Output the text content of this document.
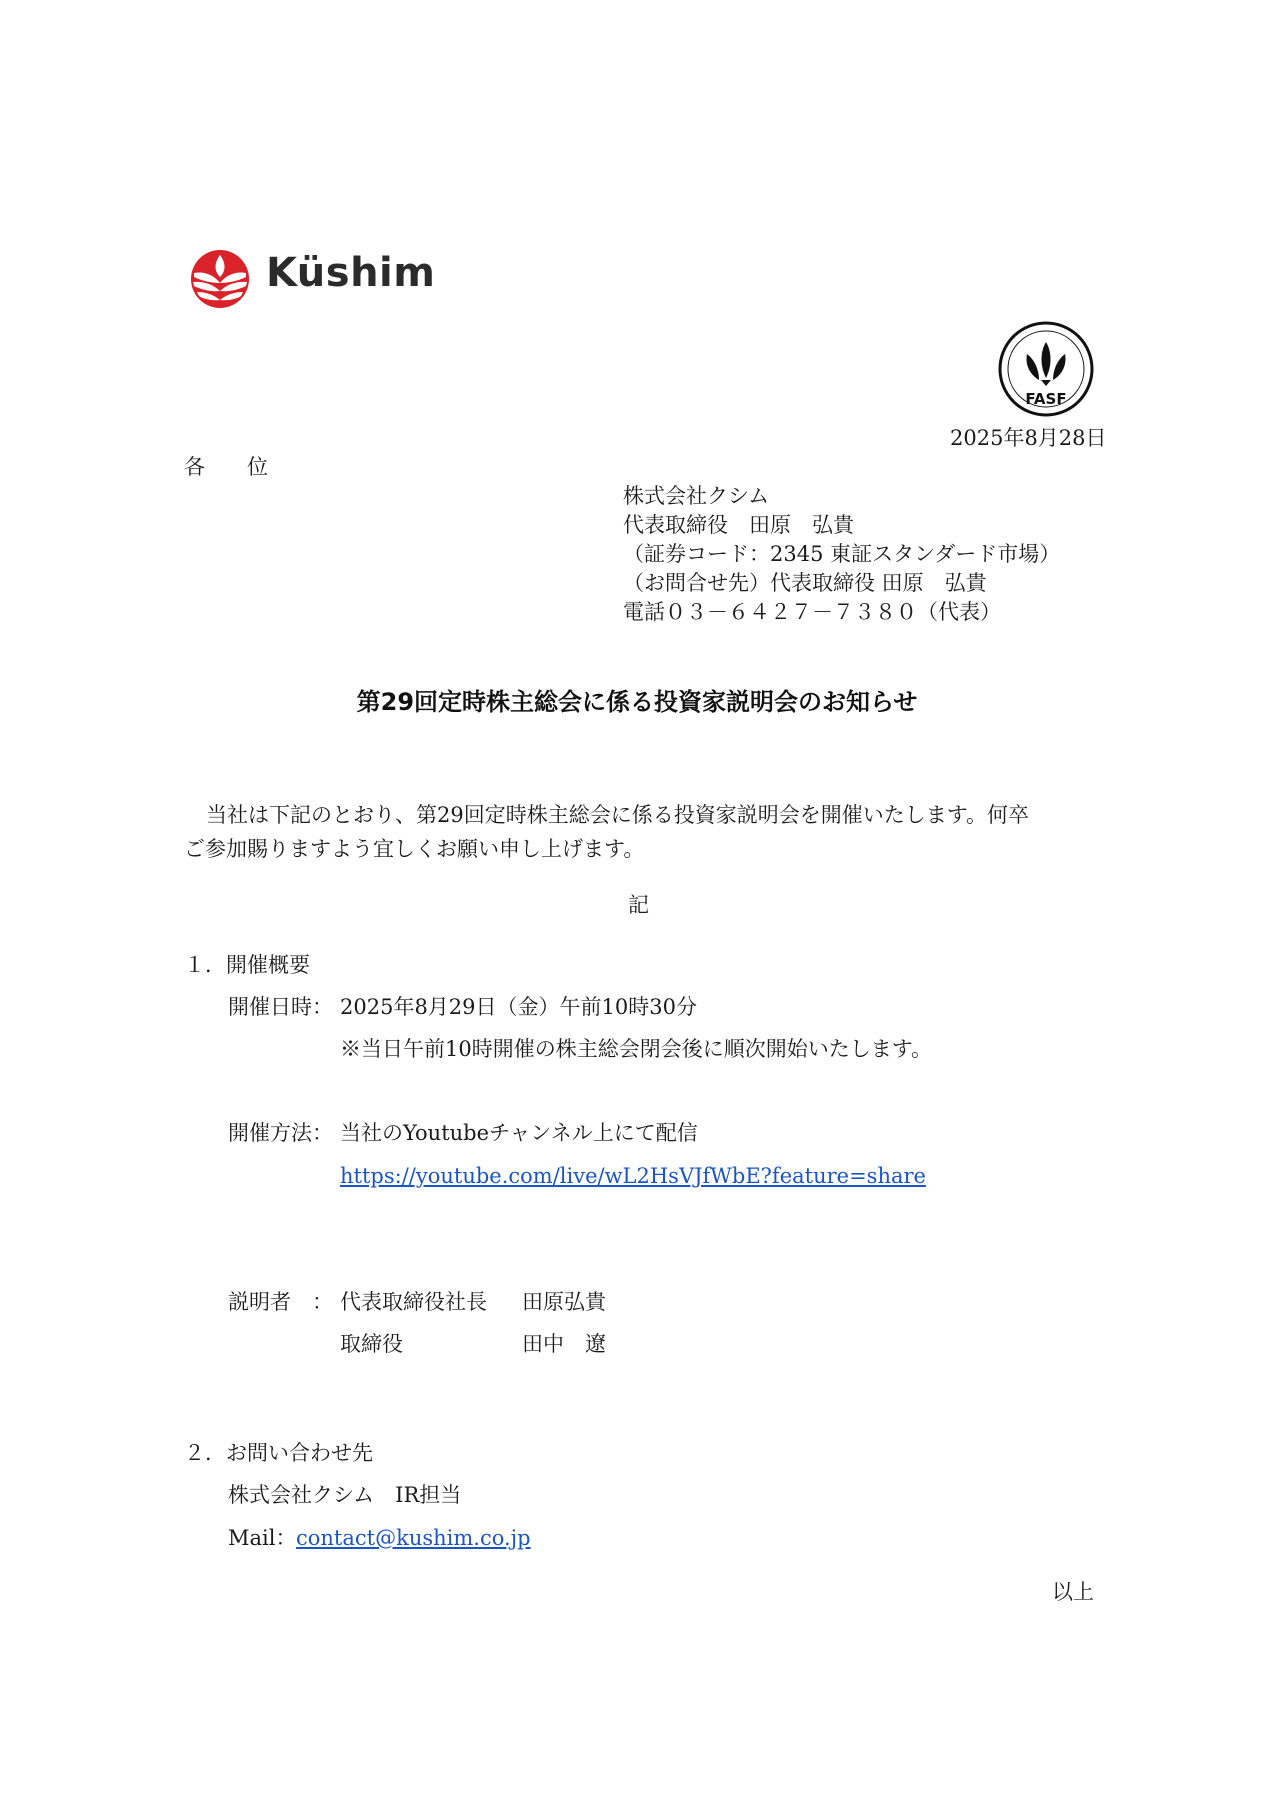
Küshim
FASF
2025年8月28日
各　　位
株式会社クシム
代表取締役　田原　弘貴
（証券コード：2345 東証スタンダード市場）
（お問合せ先）代表取締役 田原　弘貴
電話０３－６４２７－７３８０（代表）
第29回定時株主総会に係る投資家説明会のお知らせ
当社は下記のとおり、第29回定時株主総会に係る投資家説明会を開催いたします。何卒
ご参加賜りますよう宜しくお願い申し上げます。
記
１．開催概要
開催日時： 2025年8月29日（金）午前10時30分
※当日午前10時開催の株主総会閉会後に順次開始いたします。
開催方法： 当社のYoutubeチャンネル上にて配信
https://youtube.com/live/wL2HsVJfWbE?feature=share
説明者　： 代表取締役社長 田原弘貴
取締役	田中　遼
２．お問い合わせ先
株式会社クシム　IR担当
Mail： contact@kushim.co.jp
以上
